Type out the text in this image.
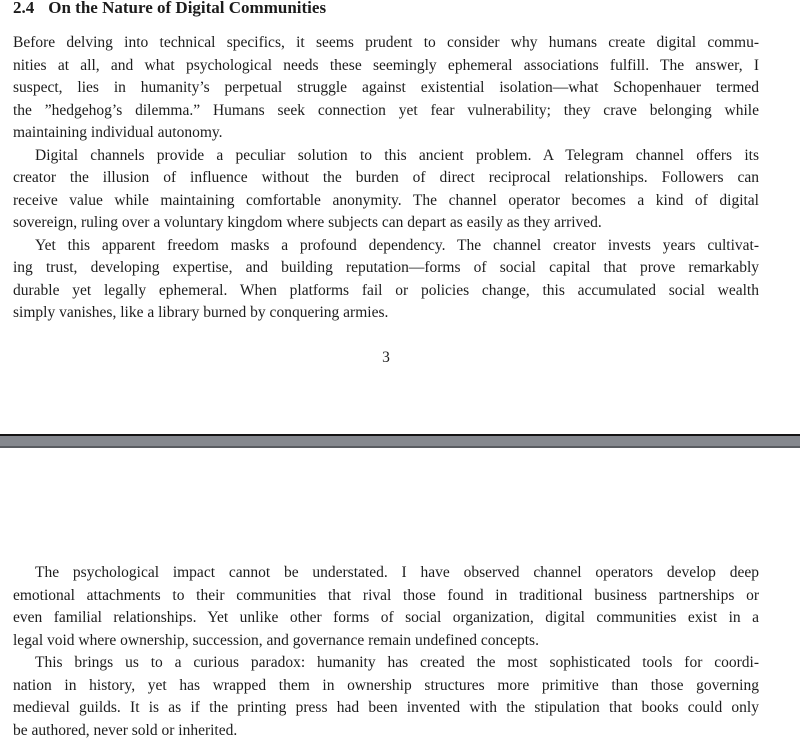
2.4 On the Nature of Digital Communities
Before delving into technical specifics, it seems prudent to consider why humans create digital commu-
nities at all, and what psychological needs these seemingly ephemeral associations fulfill. The answer, I
suspect, lies in humanity’s perpetual struggle against existential isolation—what Schopenhauer termed
the ”hedgehog’s dilemma.” Humans seek connection yet fear vulnerability; they crave belonging while
maintaining individual autonomy.
Digital channels provide a peculiar solution to this ancient problem. A Telegram channel offers its
creator the illusion of influence without the burden of direct reciprocal relationships. Followers can
receive value while maintaining comfortable anonymity. The channel operator becomes a kind of digital
sovereign, ruling over a voluntary kingdom where subjects can depart as easily as they arrived.
Yet this apparent freedom masks a profound dependency. The channel creator invests years cultivat-
ing trust, developing expertise, and building reputation—forms of social capital that prove remarkably
durable yet legally ephemeral. When platforms fail or policies change, this accumulated social wealth
simply vanishes, like a library burned by conquering armies.
3
The psychological impact cannot be understated. I have observed channel operators develop deep
emotional attachments to their communities that rival those found in traditional business partnerships or
even familial relationships. Yet unlike other forms of social organization, digital communities exist in a
legal void where ownership, succession, and governance remain undefined concepts.
This brings us to a curious paradox: humanity has created the most sophisticated tools for coordi-
nation in history, yet has wrapped them in ownership structures more primitive than those governing
medieval guilds. It is as if the printing press had been invented with the stipulation that books could only
be authored, never sold or inherited.
